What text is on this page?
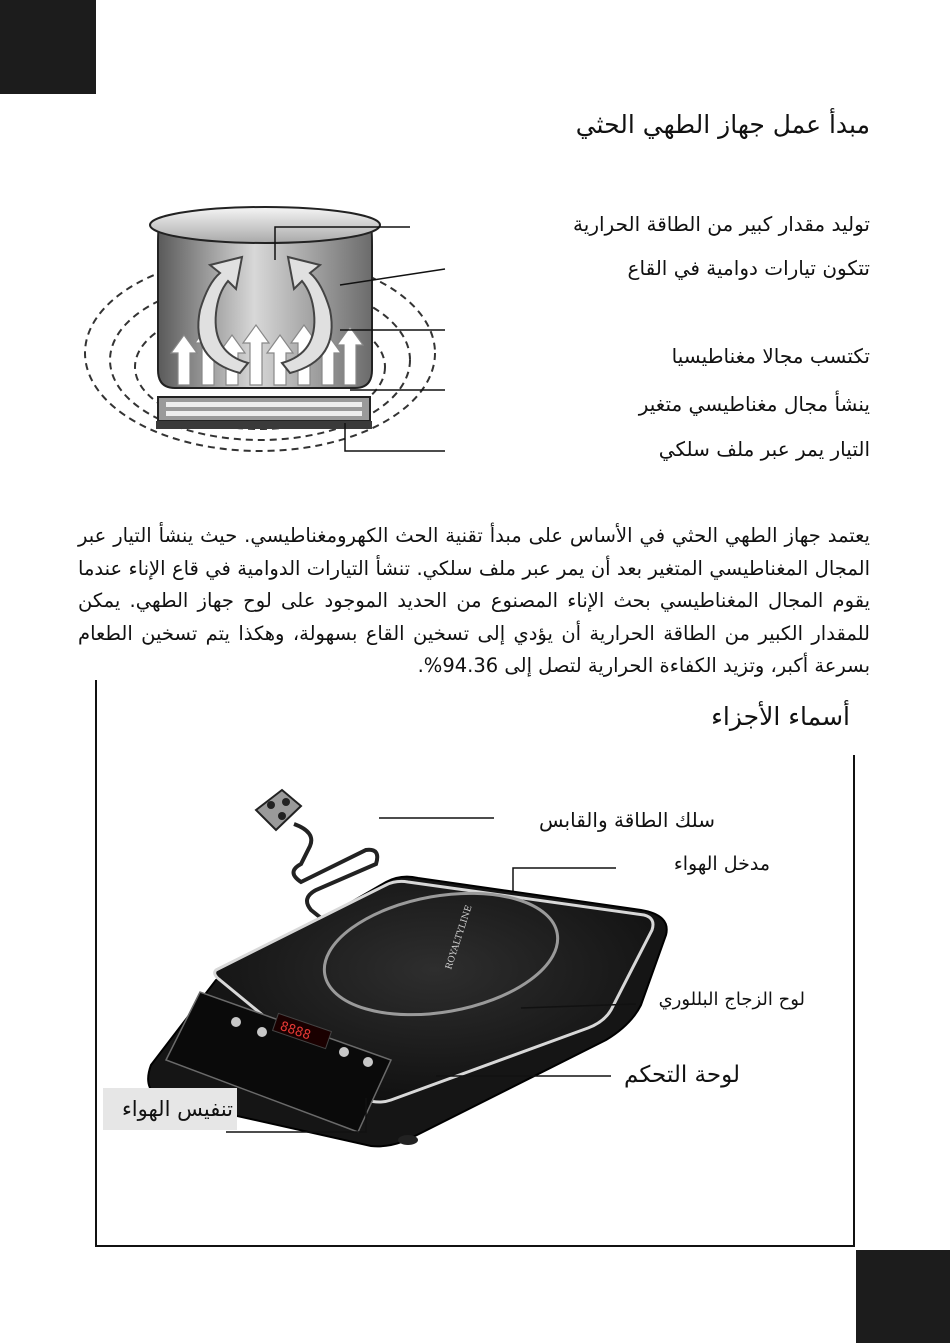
مبدأ عمل جهاز الطهي الحثي
توليد مقدار كبير من الطاقة الحرارية
تتكون تيارات دوامية في القاع
تكتسب مجالا مغناطيسيا
ينشأ مجال مغناطيسي متغير
التيار يمر عبر ملف سلكي

يعتمد جهاز الطهي الحثي في الأساس على مبدأ تقنية الحث الكهرومغناطيسي. حيث ينشأ التيار عبر المجال المغناطيسي المتغير بعد أن يمر عبر ملف سلكي. تنشأ التيارات الدوامية في قاع الإناء عندما يقوم المجال المغناطيسي بحث الإناء المصنوع من الحديد الموجود على لوح جهاز الطهي. يمكن للمقدار الكبير من الطاقة الحرارية أن يؤدي إلى تسخين القاع بسهولة، وهكذا يتم تسخين الطعام بسرعة أكبر، وتزيد الكفاءة الحرارية لتصل إلى 94.36%.

أسماء الأجزاء
ROYALTYLINE
8888
سلك الطاقة والقابس
مدخل الهواء
لوح الزجاج البللوري
لوحة التحكم
تنفيس الهواء
